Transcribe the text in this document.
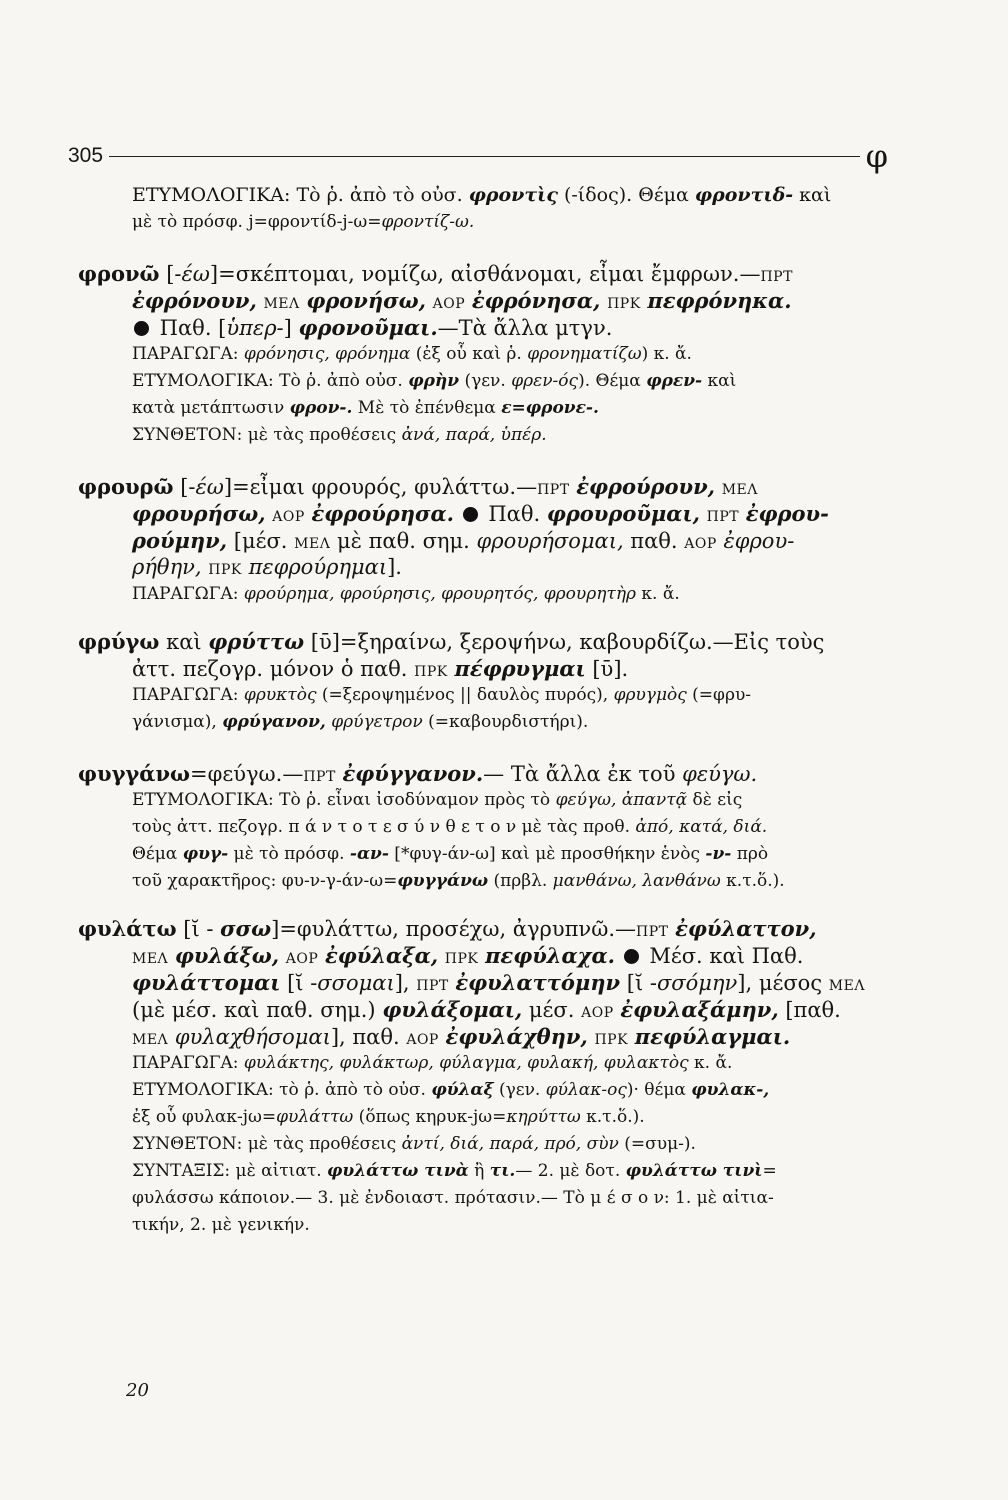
305	φ
ΕΤΥΜΟΛΟΓΙΚΑ: Τὸ ῥ. ἀπὸ τὸ οὐσ. φροντὶς (-ίδος). Θέμα φροντιδ- καὶ
μὲ τὸ πρόσφ. j=φροντίδ-j-ω=φροντίζ-ω.
φρονῶ [-έω]=σκέπτομαι, νομίζω, αἰσθάνομαι, εἶμαι ἔμφρων.—ΠΡΤ
ἐφρόνουν, ΜΕΛ φρονήσω, ΑΟΡ ἐφρόνησα, ΠΡΚ πεφρόνηκα.
Παθ. [ὑπερ-] φρονοῦμαι.—Τὰ ἄλλα μτγν.
ΠΑΡΑΓΩΓΑ: φρόνησις, φρόνημα (ἐξ οὗ καὶ ῥ. φρονηματίζω) κ. ἄ.
ΕΤΥΜΟΛΟΓΙΚΑ: Τὸ ῥ. ἀπὸ οὐσ. φρὴν (γεν. φρεν-ός). Θέμα φρεν- καὶ
κατὰ μετάπτωσιν φρον-. Μὲ τὸ ἐπένθεμα ε=φρονε-.
ΣΥΝΘΕΤΟΝ: μὲ τὰς προθέσεις ἀνά, παρά, ὑπέρ.
φρουρῶ [-έω]=εἶμαι φρουρός, φυλάττω.—ΠΡΤ ἐφρούρουν, ΜΕΛ
φρουρήσω, ΑΟΡ ἐφρούρησα.  Παθ. φρουροῦμαι, ΠΡΤ ἐφρου-
ρούμην, [μέσ. ΜΕΛ μὲ παθ. σημ. φρουρήσομαι, παθ. ΑΟΡ ἐφρου-
ρήθην, ΠΡΚ πεφρούρημαι].
ΠΑΡΑΓΩΓΑ: φρούρημα, φρούρησις, φρουρητός, φρουρητὴρ κ. ἄ.
φρύγω καὶ φρύττω [ῡ]=ξηραίνω, ξεροψήνω, καβουρδίζω.—Εἰς τοὺς
ἀττ. πεζογρ. μόνον ὁ παθ. ΠΡΚ πέφρυγμαι [ῡ].
ΠΑΡΑΓΩΓΑ: φρυκτὸς (=ξεροψημένος || δαυλὸς πυρός), φρυγμὸς (=φρυ-
γάνισμα), φρύγανον, φρύγετρον (=καβουρδιστήρι).
φυγγάνω=φεύγω.—ΠΡΤ ἐφύγγανον.— Τὰ ἄλλα ἐκ τοῦ φεύγω.
ΕΤΥΜΟΛΟΓΙΚΑ: Τὸ ῥ. εἶναι ἰσοδύναμον πρὸς τὸ φεύγω, ἀπαντᾷ δὲ εἰς
τοὺς ἀττ. πεζογρ. π ά ν τ ο τ ε σ ύ ν θ ε τ ο ν μὲ τὰς προθ. ἀπό, κατά, διά.
Θέμα φυγ- μὲ τὸ πρόσφ. -αν- [*φυγ-άν-ω] καὶ μὲ προσθήκην ἑνὸς -ν- πρὸ
τοῦ χαρακτῆρος: φυ-ν-γ-άν-ω=φυγγάνω (πρβλ. μανθάνω, λανθάνω κ.τ.ὅ.).
φυλάτω [ῐ - σσω]=φυλάττω, προσέχω, ἀγρυπνῶ.—ΠΡΤ ἐφύλαττον,
ΜΕΛ φυλάξω, ΑΟΡ ἐφύλαξα, ΠΡΚ πεφύλαχα.  Μέσ. καὶ Παθ.
φυλάττομαι [ῐ -σσομαι], ΠΡΤ ἐφυλαττόμην [ῐ -σσόμην], μέσος ΜΕΛ
(μὲ μέσ. καὶ παθ. σημ.) φυλάξομαι, μέσ. ΑΟΡ ἐφυλαξάμην, [παθ.
ΜΕΛ φυλαχθήσομαι], παθ. ΑΟΡ ἐφυλάχθην, ΠΡΚ πεφύλαγμαι.
ΠΑΡΑΓΩΓΑ: φυλάκτης, φυλάκτωρ, φύλαγμα, φυλακή, φυλακτὸς κ. ἄ.
ΕΤΥΜΟΛΟΓΙΚΑ: τὸ ῥ. ἀπὸ τὸ οὐσ. φύλαξ (γεν. φύλακ-ος)· θέμα φυλακ-,
ἐξ οὗ φυλακ-jω=φυλάττω (ὅπως κηρυκ-jω=κηρύττω κ.τ.ὅ.).
ΣΥΝΘΕΤΟΝ: μὲ τὰς προθέσεις ἀντί, διά, παρά, πρό, σὺν (=συμ-).
ΣΥΝΤΑΞΙΣ: μὲ αἰτιατ. φυλάττω τινὰ ἢ τι.— 2. μὲ δοτ. φυλάττω τινὶ=
φυλάσσω κάποιον.— 3. μὲ ἐνδοιαστ. πρότασιν.— Τὸ μ έ σ ο ν: 1. μὲ αἰτια-
τικήν, 2. μὲ γενικήν.
20
